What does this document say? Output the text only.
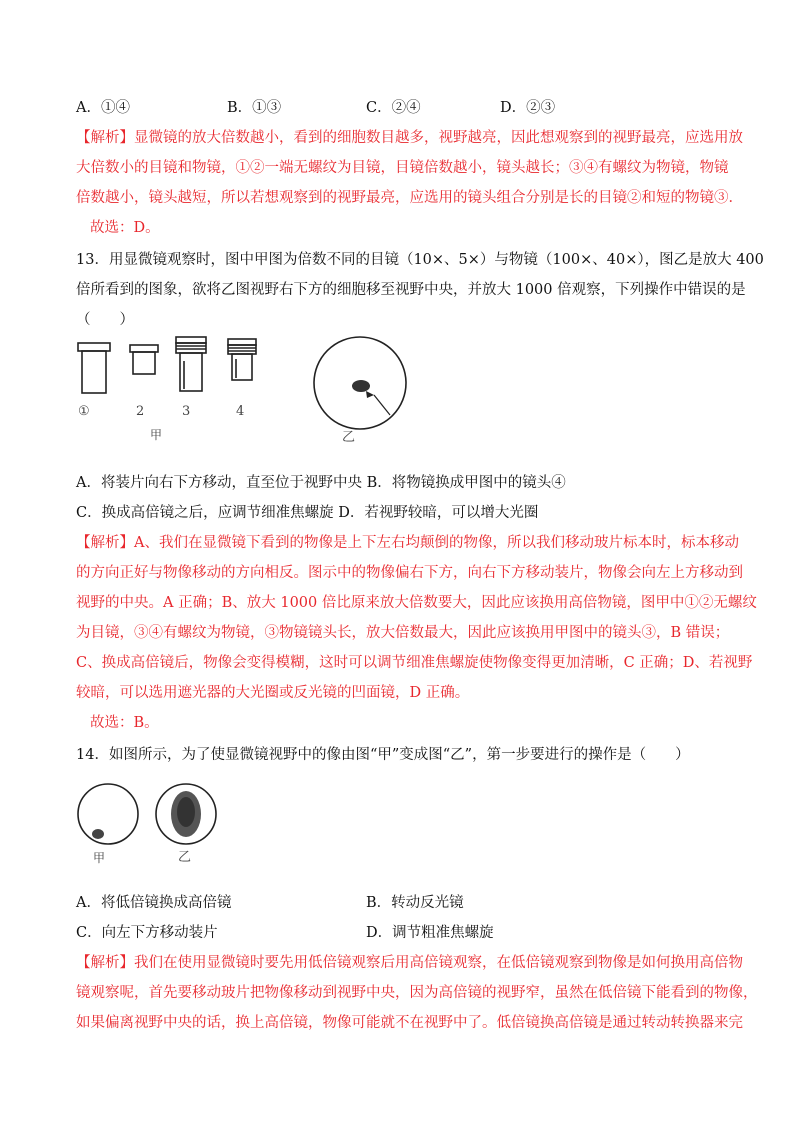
A．①④	B．①③	C．②④	D．②③
【解析】显微镜的放大倍数越小，看到的细胞数目越多，视野越亮，因此想观察到的视野最亮，应选用放
大倍数小的目镜和物镜，①②一端无螺纹为目镜，目镜倍数越小，镜头越长；③④有螺纹为物镜，物镜
倍数越小，镜头越短，所以若想观察到的视野最亮，应选用的镜头组合分别是长的目镜②和短的物镜③．
故选：D。
13．用显微镜观察时，图中甲图为倍数不同的目镜（10×、5×）与物镜（100×、40×），图乙是放大 400
倍所看到的图象，欲将乙图视野右下方的细胞移至视野中央，并放大 1000 倍观察，下列操作中错误的是
（　　）
①	2	3	4
甲	乙
A．将装片向右下方移动，直至位于视野中央 B．将物镜换成甲图中的镜头④
C．换成高倍镜之后，应调节细准焦螺旋 D．若视野较暗，可以增大光圈
【解析】A、我们在显微镜下看到的物像是上下左右均颠倒的物像，所以我们移动玻片标本时，标本移动
的方向正好与物像移动的方向相反。图示中的物像偏右下方，向右下方移动装片，物像会向左上方移动到
视野的中央。A 正确；B、放大 1000 倍比原来放大倍数要大，因此应该换用高倍物镜，图甲中①②无螺纹
为目镜，③④有螺纹为物镜，③物镜镜头长，放大倍数最大，因此应该换用甲图中的镜头③，B 错误；
C、换成高倍镜后，物像会变得模糊，这时可以调节细准焦螺旋使物像变得更加清晰，C 正确；D、若视野
较暗，可以选用遮光器的大光圈或反光镜的凹面镜，D 正确。
故选：B。
14．如图所示，为了使显微镜视野中的像由图“甲”变成图“乙”，第一步要进行的操作是（　　）
甲	乙
A．将低倍镜换成高倍镜	B．转动反光镜
C．向左下方移动装片	D．调节粗准焦螺旋
【解析】我们在使用显微镜时要先用低倍镜观察后用高倍镜观察，在低倍镜观察到物像是如何换用高倍物
镜观察呢，首先要移动玻片把物像移动到视野中央，因为高倍镜的视野窄，虽然在低倍镜下能看到的物像，
如果偏离视野中央的话，换上高倍镜，物像可能就不在视野中了。低倍镜换高倍镜是通过转动转换器来完
